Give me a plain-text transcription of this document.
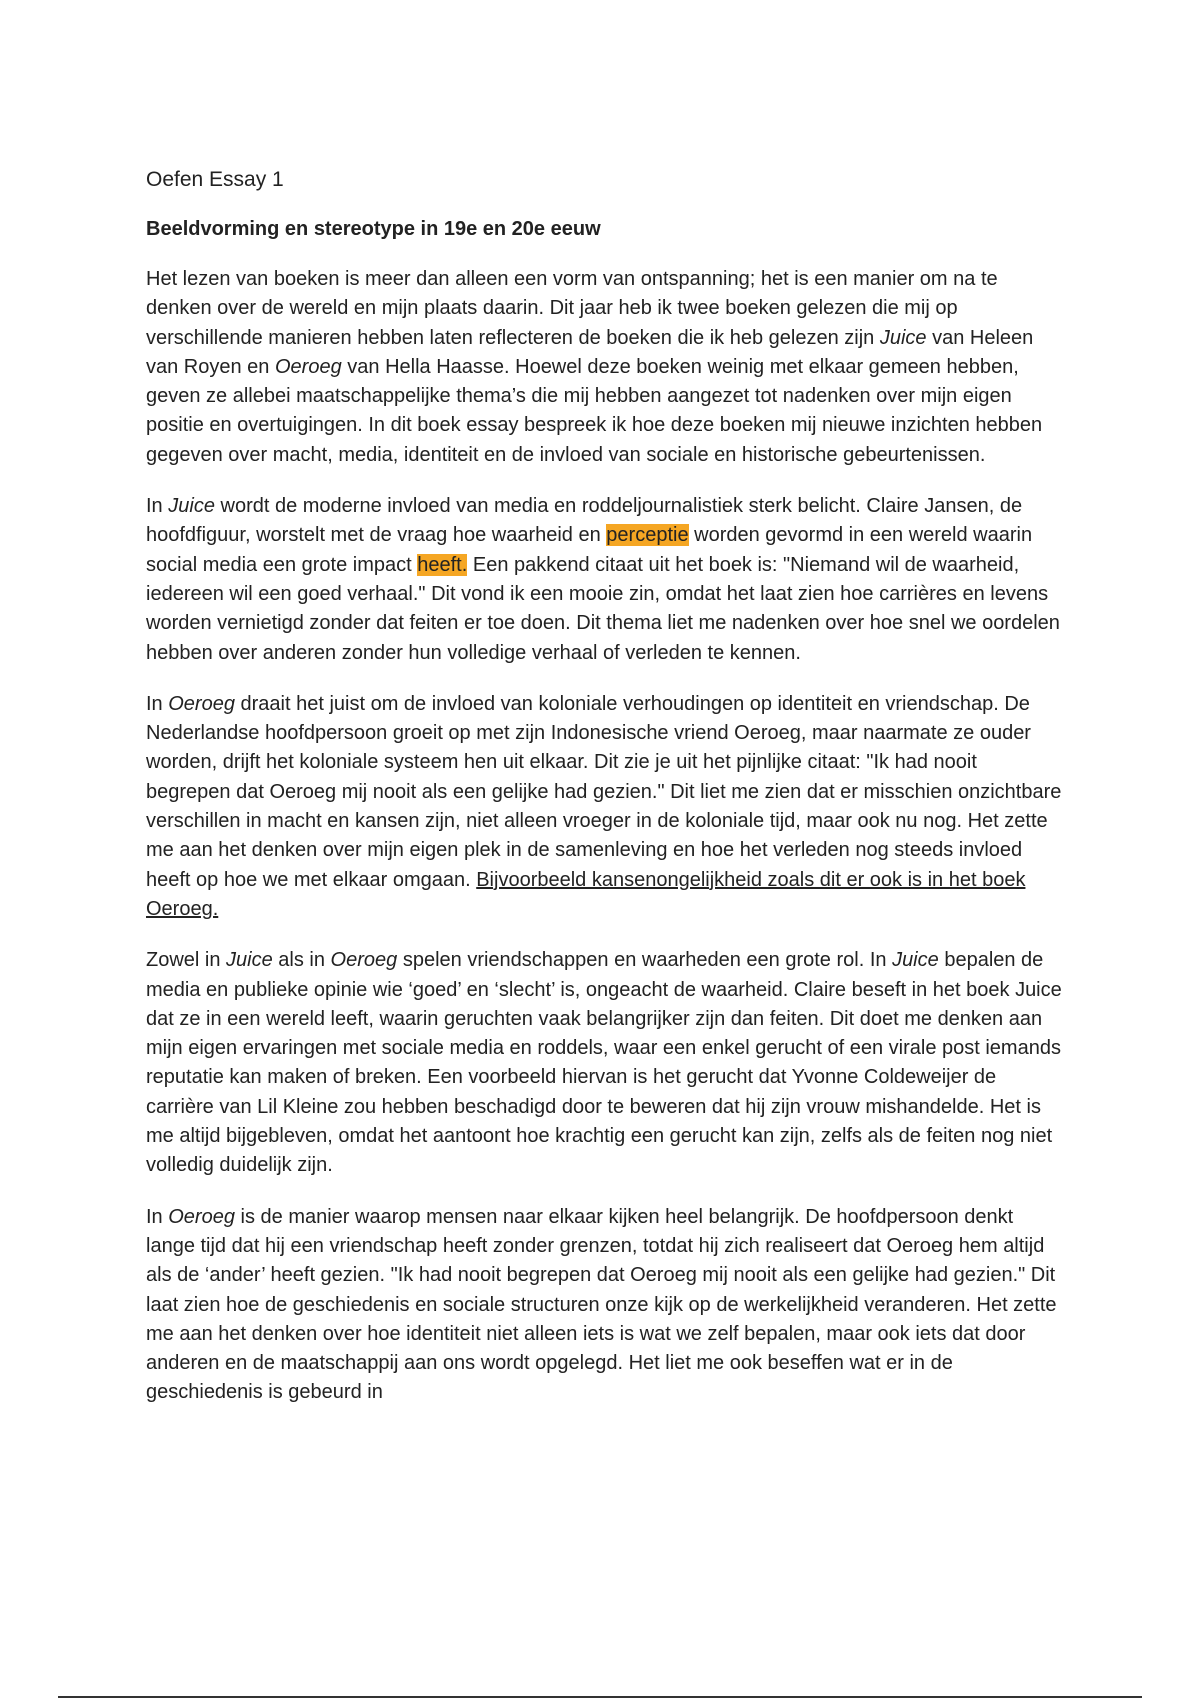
Oefen Essay 1
Beeldvorming en stereotype in 19e en 20e eeuw

Het lezen van boeken is meer dan alleen een vorm van ontspanning; het is een manier om na te denken over de wereld en mijn plaats daarin. Dit jaar heb ik twee boeken gelezen die mij op verschillende manieren hebben laten reflecteren de boeken die ik heb gelezen zijn Juice van Heleen van Royen en Oeroeg van Hella Haasse. Hoewel deze boeken weinig met elkaar gemeen hebben, geven ze allebei maatschappelijke thema’s die mij hebben aangezet tot nadenken over mijn eigen positie en overtuigingen. In dit boek essay bespreek ik hoe deze boeken mij nieuwe inzichten hebben gegeven over macht, media, identiteit en de invloed van sociale en historische gebeurtenissen.

In Juice wordt de moderne invloed van media en roddeljournalistiek sterk belicht. Claire Jansen, de hoofdfiguur, worstelt met de vraag hoe waarheid en perceptie worden gevormd in een wereld waarin social media een grote impact heeft. Een pakkend citaat uit het boek is: "Niemand wil de waarheid, iedereen wil een goed verhaal." Dit vond ik een mooie zin, omdat het laat zien hoe carrières en levens worden vernietigd zonder dat feiten er toe doen. Dit thema liet me nadenken over hoe snel we oordelen hebben over anderen zonder hun volledige verhaal of verleden te kennen.

In Oeroeg draait het juist om de invloed van koloniale verhoudingen op identiteit en vriendschap. De Nederlandse hoofdpersoon groeit op met zijn Indonesische vriend Oeroeg, maar naarmate ze ouder worden, drijft het koloniale systeem hen uit elkaar. Dit zie je uit het pijnlijke citaat: "Ik had nooit begrepen dat Oeroeg mij nooit als een gelijke had gezien." Dit liet me zien dat er misschien onzichtbare verschillen in macht en kansen zijn, niet alleen vroeger in de koloniale tijd, maar ook nu nog. Het zette me aan het denken over mijn eigen plek in de samenleving en hoe het verleden nog steeds invloed heeft op hoe we met elkaar omgaan. Bijvoorbeeld kansenongelijkheid zoals dit er ook is in het boek Oeroeg.

Zowel in Juice als in Oeroeg spelen vriendschappen en waarheden een grote rol. In Juice bepalen de media en publieke opinie wie ‘goed’ en ‘slecht’ is, ongeacht de waarheid. Claire beseft in het boek Juice dat ze in een wereld leeft, waarin geruchten vaak belangrijker zijn dan feiten. Dit doet me denken aan mijn eigen ervaringen met sociale media en roddels, waar een enkel gerucht of een virale post iemands reputatie kan maken of breken. Een voorbeeld hiervan is het gerucht dat Yvonne Coldeweijer de carrière van Lil Kleine zou hebben beschadigd door te beweren dat hij zijn vrouw mishandelde. Het is me altijd bijgebleven, omdat het aantoont hoe krachtig een gerucht kan zijn, zelfs als de feiten nog niet volledig duidelijk zijn.

In Oeroeg is de manier waarop mensen naar elkaar kijken heel belangrijk. De hoofdpersoon denkt lange tijd dat hij een vriendschap heeft zonder grenzen, totdat hij zich realiseert dat Oeroeg hem altijd als de ‘ander’ heeft gezien. "Ik had nooit begrepen dat Oeroeg mij nooit als een gelijke had gezien." Dit laat zien hoe de geschiedenis en sociale structuren onze kijk op de werkelijkheid veranderen. Het zette me aan het denken over hoe identiteit niet alleen iets is wat we zelf bepalen, maar ook iets dat door anderen en de maatschappij aan ons wordt opgelegd. Het liet me ook beseffen wat er in de geschiedenis is gebeurd in
